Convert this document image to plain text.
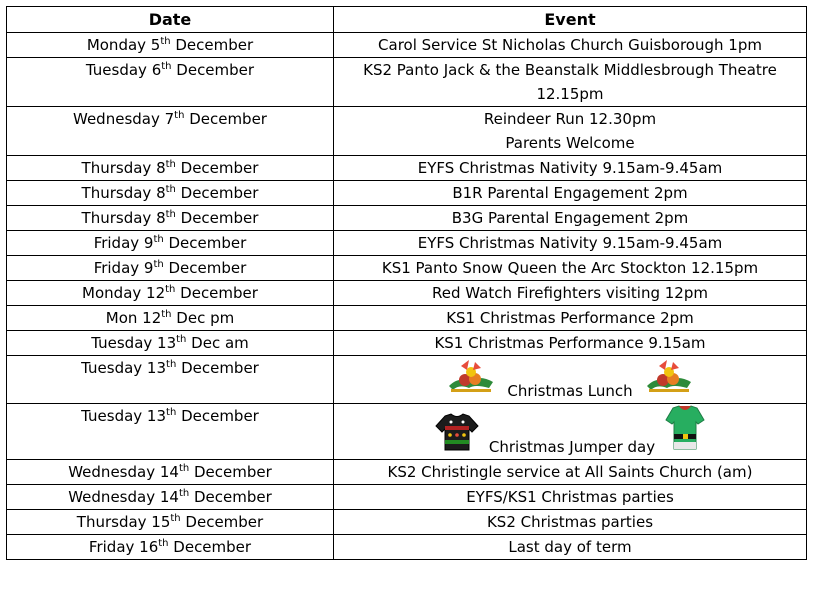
Date	Event
Monday 5th December	Carol Service St Nicholas Church Guisborough 1pm

Tuesday 6th December	KS2 Panto Jack & the Beanstalk Middlesbrough Theatre
12.15pm

Wednesday 7th December	Reindeer Run 12.30pm
Parents Welcome

Thursday 8th December	EYFS Christmas Nativity 9.15am-9.45am

Thursday 8th December	B1R Parental Engagement 2pm

Thursday 8th December	B3G Parental Engagement 2pm

Friday 9th December	EYFS Christmas Nativity 9.15am-9.45am

Friday 9th December	KS1 Panto Snow Queen the Arc Stockton 12.15pm

Monday 12th December	Red Watch Firefighters visiting 12pm

Mon 12th Dec pm	KS1 Christmas Performance 2pm

Tuesday 13th Dec am	KS1 Christmas Performance 9.15am

Tuesday 13th December	Christmas Lunch

Tuesday 13th December	Christmas Jumper day

Wednesday 14th December	KS2 Christingle service at All Saints Church (am)

Wednesday 14th December	EYFS/KS1 Christmas parties

Thursday 15th December	KS2 Christmas parties

Friday 16th December	Last day of term
